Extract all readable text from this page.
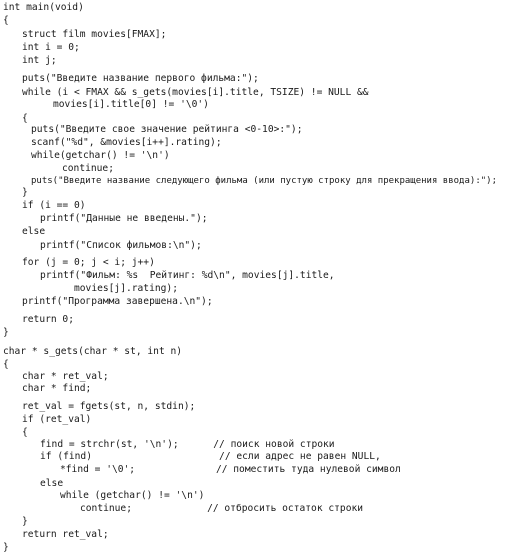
int main(void)
{
struct film movies[FMAX];
int i = 0;
int j;
puts("Введите название первого фильма:");
while (i < FMAX && s_gets(movies[i].title, TSIZE) != NULL &&
movies[i].title[0] != '\0')
{
puts("Введите свое значение рейтинга <0-10>:");
scanf("%d", &movies[i++].rating);
while(getchar() != '\n')
continue;
puts("Введите название следующего фильма (или пустую строку для прекращения ввода):");
}
if (i == 0)
printf("Данные не введены.");
else
printf("Список фильмов:\n");
for (j = 0; j < i; j++)
printf("Фильм: %s  Рейтинг: %d\n", movies[j].title,
movies[j].rating);
printf("Программа завершена.\n");
return 0;
}
char * s_gets(char * st, int n)
{
char * ret_val;
char * find;
ret_val = fgets(st, n, stdin);
if (ret_val)
{
find = strchr(st, '\n');      // поиск новой строки
if (find)                      // если адрес не равен NULL,
*find = '\0';              // поместить туда нулевой символ
else
while (getchar() != '\n')
continue;             // отбросить остаток строки
}
return ret_val;
}
